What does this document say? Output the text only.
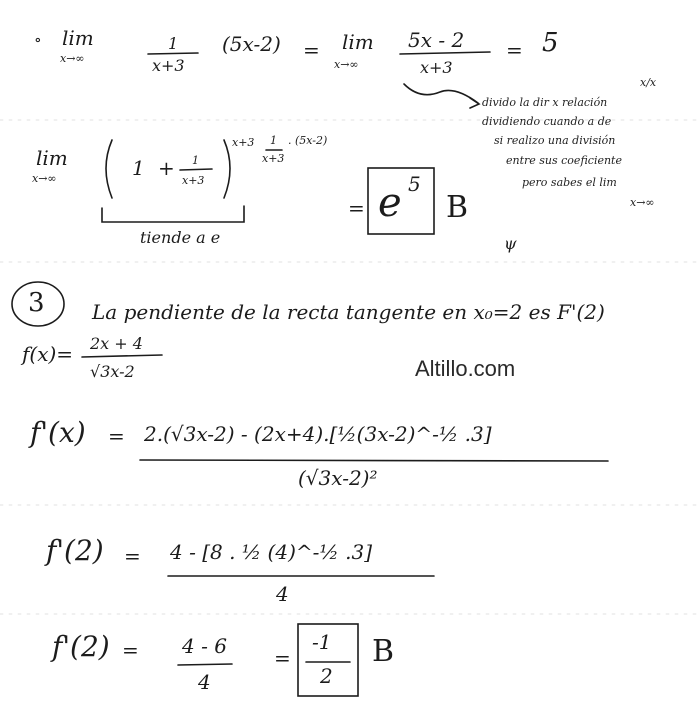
∘ lim
x→∞
1
x+3
(5x-2) = lim
x→∞
5x - 2
x+3
= 5
x/x
divido la dir x relación
dividiendo cuando a de
si realizo una división
entre sus coeficiente
pero sabes el lim
x→∞
lim
x→∞	1 + 1
x+3
x+3 1
x+3
. (5x-2)
tiende a e
= e 5
B
ψ
3 La pendiente de la recta tangente en x₀=2 es F'(2)
f(x)= 2x + 4
√3x-2	Altillo.com
f'(x) = 2.(√3x-2) - (2x+4).[½(3x-2)^-½ .3]
(√3x-2)²
f'(2) = 4 - [8 . ½ (4)^-½ .3]
4
f'(2) = 4 - 6
4
=
-1
2
B
